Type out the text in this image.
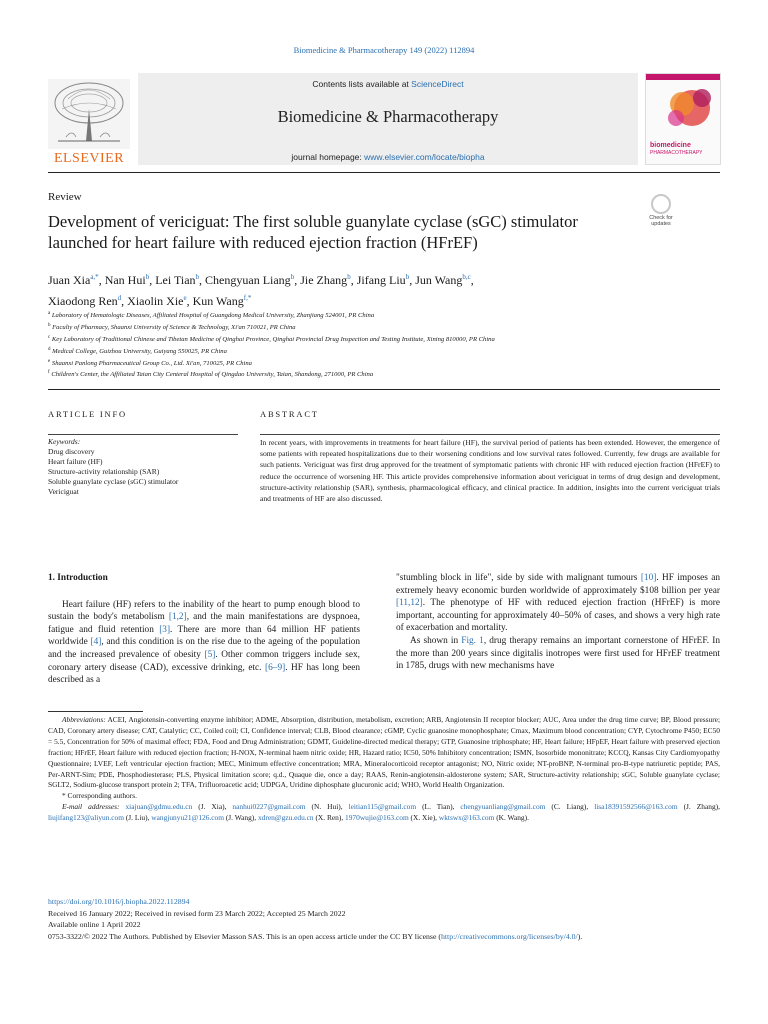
Biomedicine & Pharmacotherapy 149 (2022) 112894
ELSEVIER
Contents lists available at ScienceDirect
Biomedicine & Pharmacotherapy
journal homepage: www.elsevier.com/locate/biopha
biomedicine
PHARMACOTHERAPY
Review
Development of vericiguat: The first soluble guanylate cyclase (sGC) stimulator launched for heart failure with reduced ejection fraction (HFrEF)
Check for updates
Juan Xia$^{a,*}$, Nan Hui$^b$, Lei Tian$^b$, Chengyuan Liang$^b$, Jie Zhang$^b$, Jifang Liu$^b$, Jun Wang$^{b,c}$,
Xiaodong Ren$^d$, Xiaolin Xie$^e$, Kun Wang$^{f,*}$
$^a$ Laboratory of Hematologic Diseases, Affiliated Hospital of Guangdong Medical University, Zhanjiang 524001, PR China
$^b$ Faculty of Pharmacy, Shaanxi University of Science & Technology, Xi'an 710021, PR China
$^c$ Key Laboratory of Traditional Chinese and Tibetan Medicine of Qinghai Province, Qinghai Provincial Drug Inspection and Testing Institute, Xining 810000, PR China
$^d$ Medical College, Guizhou University, Guiyang 550025, PR China
$^e$ Shaanxi Panlong Pharmaceutical Group Co., Ltd. Xi'an, 710025, PR China
$^f$ Children's Center, the Affiliated Taian City Centeral Hospital of Qingdao University, Taian, Shandong, 271000, PR China
ARTICLE INFO	ABSTRACT
Keywords:
Drug discovery
Heart failure (HF)
Structure-activity relationship (SAR)
Soluble guanylate cyclase (sGC) stimulator
Vericiguat
In recent years, with improvements in treatments for heart failure (HF), the survival period of patients has been extended. However, the emergence of some patients with repeated hospitalizations due to their worsening conditions and low survival rates followed. Currently, few drugs are available for such patients. Vericiguat was first drug approved for the treatment of symptomatic patients with chronic HF with reduced ejection fraction (HFrEF) to reduce the occurrence of worsening HF. This article provides comprehensive information about vericiguat in terms of drug design and development, structure-activity relationship (SAR), synthesis, pharmacological efficacy, and clinical practice. In addition, insights into the current vericiguat trials and treatments of HF are also discussed.
1. Introduction

Heart failure (HF) refers to the inability of the heart to pump enough blood to sustain the body's metabolism [1,2], and the main manifestations are dyspnoea, fatigue and fluid retention [3]. There are more than 64 million HF patients worldwide [4], and this condition is on the rise due to the ageing of the population and the increased prevalence of obesity [5]. Other common triggers include sex, coronary artery disease (CAD), excessive drinking, etc. [6–9]. HF has long been described as a

"stumbling block in life", side by side with malignant tumours [10]. HF imposes an extremely heavy economic burden worldwide of approximately $108 billion per year [11,12]. The phenotype of HF with reduced ejection fraction (HFrEF) is more important, accounting for approximately 40–50% of cases, and shows a very high rate of exacerbation and mortality.

As shown in Fig. 1, drug therapy remains an important cornerstone of HFrEF. In the more than 200 years since digitalis inotropes were first used for HFrEF treatment in 1785, drugs with new mechanisms have

Abbreviations: ACEI, Angiotensin-converting enzyme inhibitor; ADME, Absorption, distribution, metabolism, excretion; ARB, Angiotensin II receptor blocker; AUC, Area under the drug time curve; BP, Blood pressure; CAD, Coronary artery disease; CAT, Catalytic; CC, Coiled coil; CI, Confidence interval; CLB, Blood clearance; cGMP, Cyclic guanosine monophosphate; Cmax, Maximum blood concentration; CYP, Cytochrome P450; EC50 = 5.5, Concentration for 50% of maximal effect; FDA, Food and Drug Administration; GDMT, Guideline-directed medical therapy; GTP, Guanosine triphosphate; HF, Heart failure; HFpEF, Heart failure with preserved ejection fraction; HFrEF, Heart failure with reduced ejection fraction; H-NOX, N-terminal haem nitric oxide; HR, Hazard ratio; IC50, 50% Inhibitory concentration; ISMN, Isosorbide mononitrate; KCCQ, Kansas City Cardiomyopathy Questionnaire; LVEF, Left ventricular ejection fraction; MEC, Minimum effective concentration; MRA, Mineralocorticoid receptor antagonist; NO, Nitric oxide; NT-proBNP, N-terminal pro-B-type natriuretic peptide; PAS, Per-ARNT-Sim; PDE, Phosphodiesterase; PLS, Physical limitation score; q.d., Quaque die, once a day; RAAS, Renin-angiotensin-aldosterone system; SAR, Structure-activity relationship; sGC, Soluble guanylate cyclase; SGLT2, Sodium-glucose transport protein 2; TFA, Trifluoroacetic acid; UDPGA, Uridine diphosphate glucuronic acid; WHO, World Health Organization.

* Corresponding authors.

E-mail addresses: xiajuan@gdmu.edu.cn (J. Xia), nanhui0227@gmail.com (N. Hui), leitian115@gmail.com (L. Tian), chengyuanliang@gmail.com (C. Liang), lisa18391592566@163.com (J. Zhang), liujifang123@aliyun.com (J. Liu), wangjunyu21@126.com (J. Wang), xdren@gzu.edu.cn (X. Ren), 1970wujie@163.com (X. Xie), wktswx@163.com (K. Wang).

https://doi.org/10.1016/j.biopha.2022.112894

Received 16 January 2022; Received in revised form 23 March 2022; Accepted 25 March 2022

Available online 1 April 2022

0753-3322/© 2022 The Authors. Published by Elsevier Masson SAS. This is an open access article under the CC BY license (http://creativecommons.org/licenses/by/4.0/).
